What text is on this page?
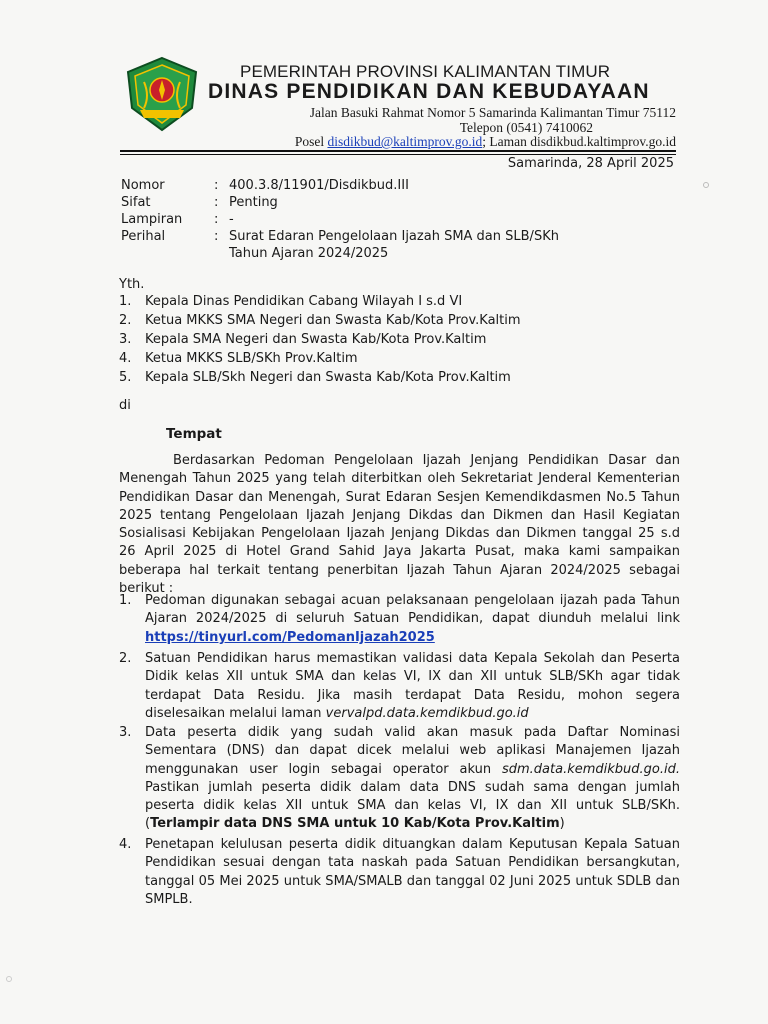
PEMERINTAH PROVINSI KALIMANTAN TIMUR
DINAS PENDIDIKAN DAN KEBUDAYAAN
Jalan Basuki Rahmat Nomor 5 Samarinda Kalimantan Timur 75112
Telepon (0541) 7410062
Posel disdikbud@kaltimprov.go.id; Laman disdikbud.kaltimprov.go.id
Samarinda, 28 April 2025
Nomor	: 400.3.8/11901/Disdikbud.III
Sifat	: Penting
Lampiran : -
Perihal	: Surat Edaran Pengelolaan Ijazah SMA dan SLB/SKh
Tahun Ajaran 2024/2025
Yth.
1. Kepala Dinas Pendidikan Cabang Wilayah I s.d VI
2. Ketua MKKS SMA Negeri dan Swasta Kab/Kota Prov.Kaltim
3. Kepala SMA Negeri dan Swasta Kab/Kota Prov.Kaltim
4. Ketua MKKS SLB/SKh Prov.Kaltim
5. Kepala SLB/Skh Negeri dan Swasta Kab/Kota Prov.Kaltim
di
Tempat
Berdasarkan Pedoman Pengelolaan Ijazah Jenjang Pendidikan Dasar dan Menengah Tahun 2025 yang telah diterbitkan oleh Sekretariat Jenderal Kementerian Pendidikan Dasar dan Menengah, Surat Edaran Sesjen Kemendikdasmen No.5 Tahun 2025 tentang Pengelolaan Ijazah Jenjang Dikdas dan Dikmen dan Hasil Kegiatan Sosialisasi Kebijakan Pengelolaan Ijazah Jenjang Dikdas dan Dikmen tanggal 25 s.d 26 April 2025 di Hotel Grand Sahid Jaya Jakarta Pusat, maka kami sampaikan beberapa hal terkait tentang penerbitan Ijazah Tahun Ajaran 2024/2025 sebagai berikut :
1. Pedoman digunakan sebagai acuan pelaksanaan pengelolaan ijazah pada Tahun Ajaran 2024/2025 di seluruh Satuan Pendidikan, dapat diunduh melalui link https://tinyurl.com/PedomanIjazah2025
2. Satuan Pendidikan harus memastikan validasi data Kepala Sekolah dan Peserta Didik kelas XII untuk SMA dan kelas VI, IX dan XII untuk SLB/SKh agar tidak terdapat Data Residu. Jika masih terdapat Data Residu, mohon segera diselesaikan melalui laman vervalpd.data.kemdikbud.go.id
3. Data peserta didik yang sudah valid akan masuk pada Daftar Nominasi Sementara (DNS) dan dapat dicek melalui web aplikasi Manajemen Ijazah menggunakan user login sebagai operator akun sdm.data.kemdikbud.go.id. Pastikan jumlah peserta didik dalam data DNS sudah sama dengan jumlah peserta didik kelas XII untuk SMA dan kelas VI, IX dan XII untuk SLB/SKh. (Terlampir data DNS SMA untuk 10 Kab/Kota Prov.Kaltim)
4. Penetapan kelulusan peserta didik dituangkan dalam Keputusan Kepala Satuan Pendidikan sesuai dengan tata naskah pada Satuan Pendidikan bersangkutan, tanggal 05 Mei 2025 untuk SMA/SMALB dan tanggal 02 Juni 2025 untuk SDLB dan SMPLB.
